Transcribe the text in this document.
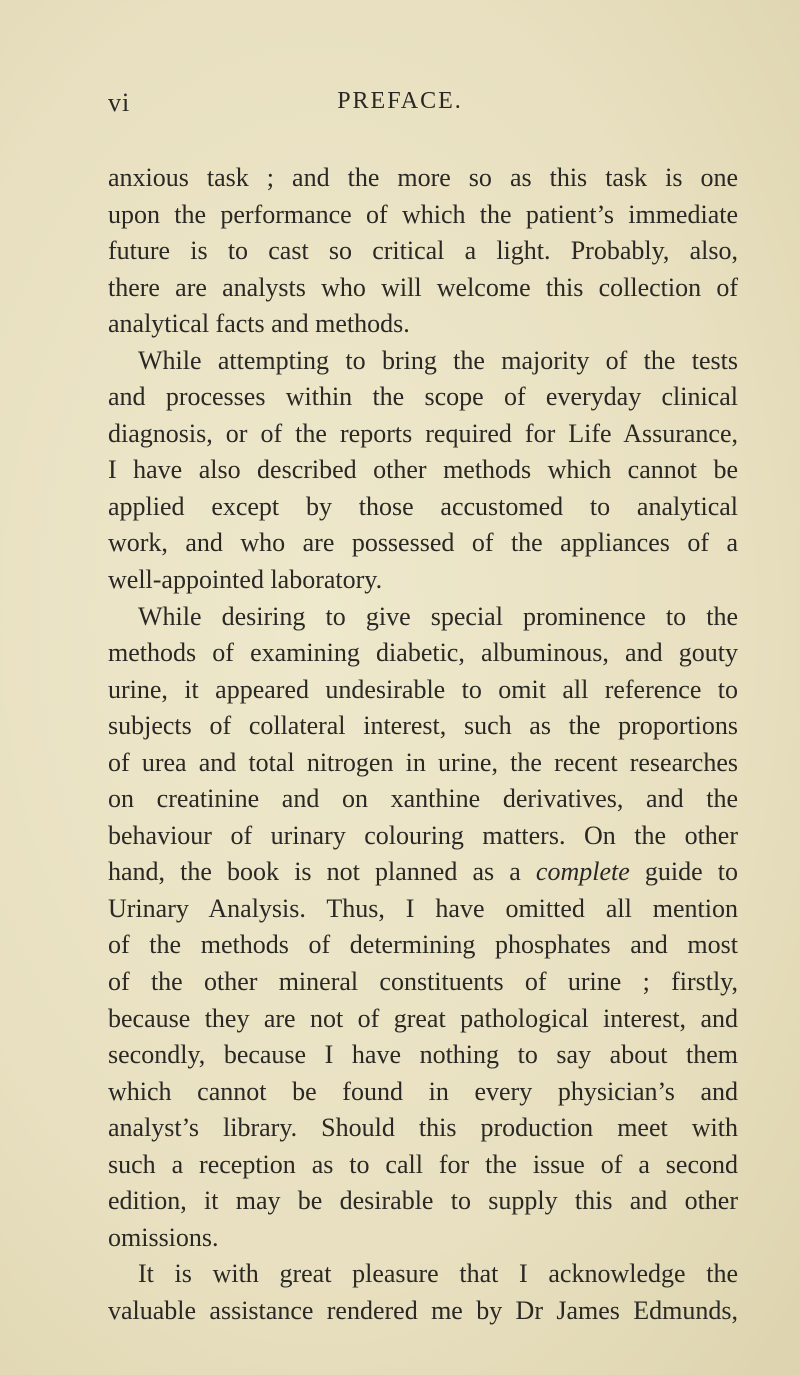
vi	PREFACE.
anxious task ; and the more so as this task is one
upon the performance of which the patient’s immediate
future is to cast so critical a light. Probably, also,
there are analysts who will welcome this collection of
analytical facts and methods.
While attempting to bring the majority of the tests
and processes within the scope of everyday clinical
diagnosis, or of the reports required for Life Assurance,
I have also described other methods which cannot be
applied except by those accustomed to analytical
work, and who are possessed of the appliances of a
well-appointed laboratory.
While desiring to give special prominence to the
methods of examining diabetic, albuminous, and gouty
urine, it appeared undesirable to omit all reference to
subjects of collateral interest, such as the proportions
of urea and total nitrogen in urine, the recent researches
on creatinine and on xanthine derivatives, and the
behaviour of urinary colouring matters. On the other
hand, the book is not planned as a complete guide to
Urinary Analysis. Thus, I have omitted all mention
of the methods of determining phosphates and most
of the other mineral constituents of urine ; firstly,
because they are not of great pathological interest, and
secondly, because I have nothing to say about them
which cannot be found in every physician’s and
analyst’s library. Should this production meet with
such a reception as to call for the issue of a second
edition, it may be desirable to supply this and other
omissions.
It is with great pleasure that I acknowledge the
valuable assistance rendered me by Dr James Edmunds,
